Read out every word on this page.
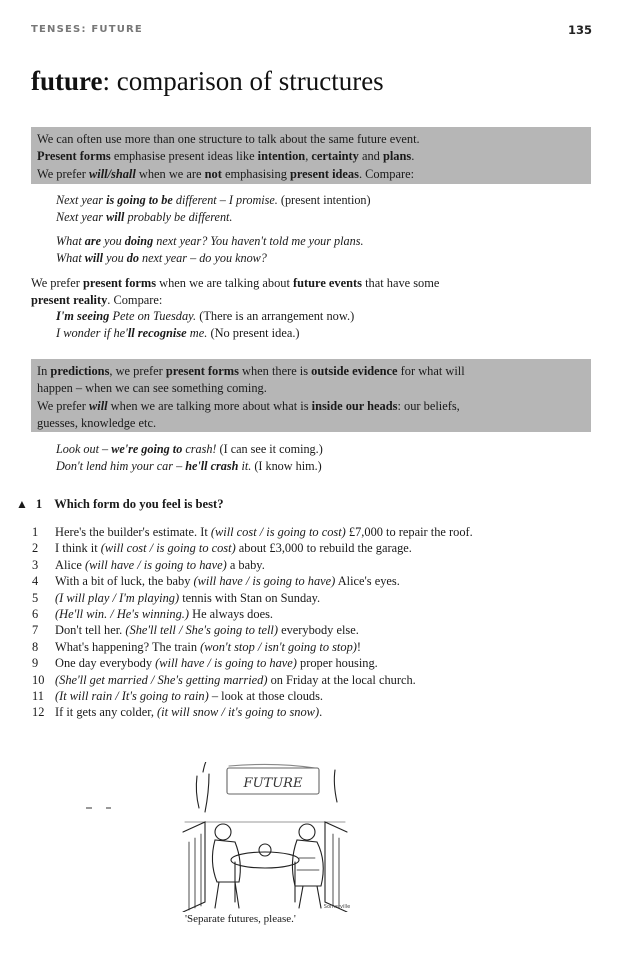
TENSES: FUTURE	135
future: comparison of structures

We can often use more than one structure to talk about the same future event.

Present forms emphasise present ideas like intention, certainty and plans.

We prefer will/shall when we are not emphasising present ideas. Compare:

Next year is going to be different – I promise. (present intention)

Next year will probably be different.

What are you doing next year? You haven't told me your plans.

What will you do next year – do you know?

We prefer present forms when we are talking about future events that have some

present reality. Compare:

I'm seeing Pete on Tuesday. (There is an arrangement now.)

I wonder if he'll recognise me. (No present idea.)

In predictions, we prefer present forms when there is outside evidence for what will

happen – when we can see something coming.

We prefer will when we are talking more about what is inside our heads: our beliefs,

guesses, knowledge etc.

Look out – we're going to crash! (I can see it coming.)

Don't lend him your car – he'll crash it. (I know him.)

▲ 1 Which form do you feel is best?
1	Here's the builder's estimate. It (will cost / is going to cost) £7,000 to repair the roof.
2	I think it (will cost / is going to cost) about £3,000 to rebuild the garage.
3	Alice (will have / is going to have) a baby.
4	With a bit of luck, the baby (will have / is going to have) Alice's eyes.
5	(I will play / I'm playing) tennis with Stan on Sunday.
6	(He'll win. / He's winning.) He always does.
7	Don't tell her. (She'll tell / She's going to tell) everybody else.
8	What's happening? The train (won't stop / isn't going to stop)!
9	One day everybody (will have / is going to have) proper housing.
10 (She'll get married / She's getting married) on Friday at the local church.
11 (It will rain / It's going to rain) – look at those clouds.
12 If it gets any colder, (it will snow / it's going to snow).
FUTURE
Somerville
'Separate futures, please.'
